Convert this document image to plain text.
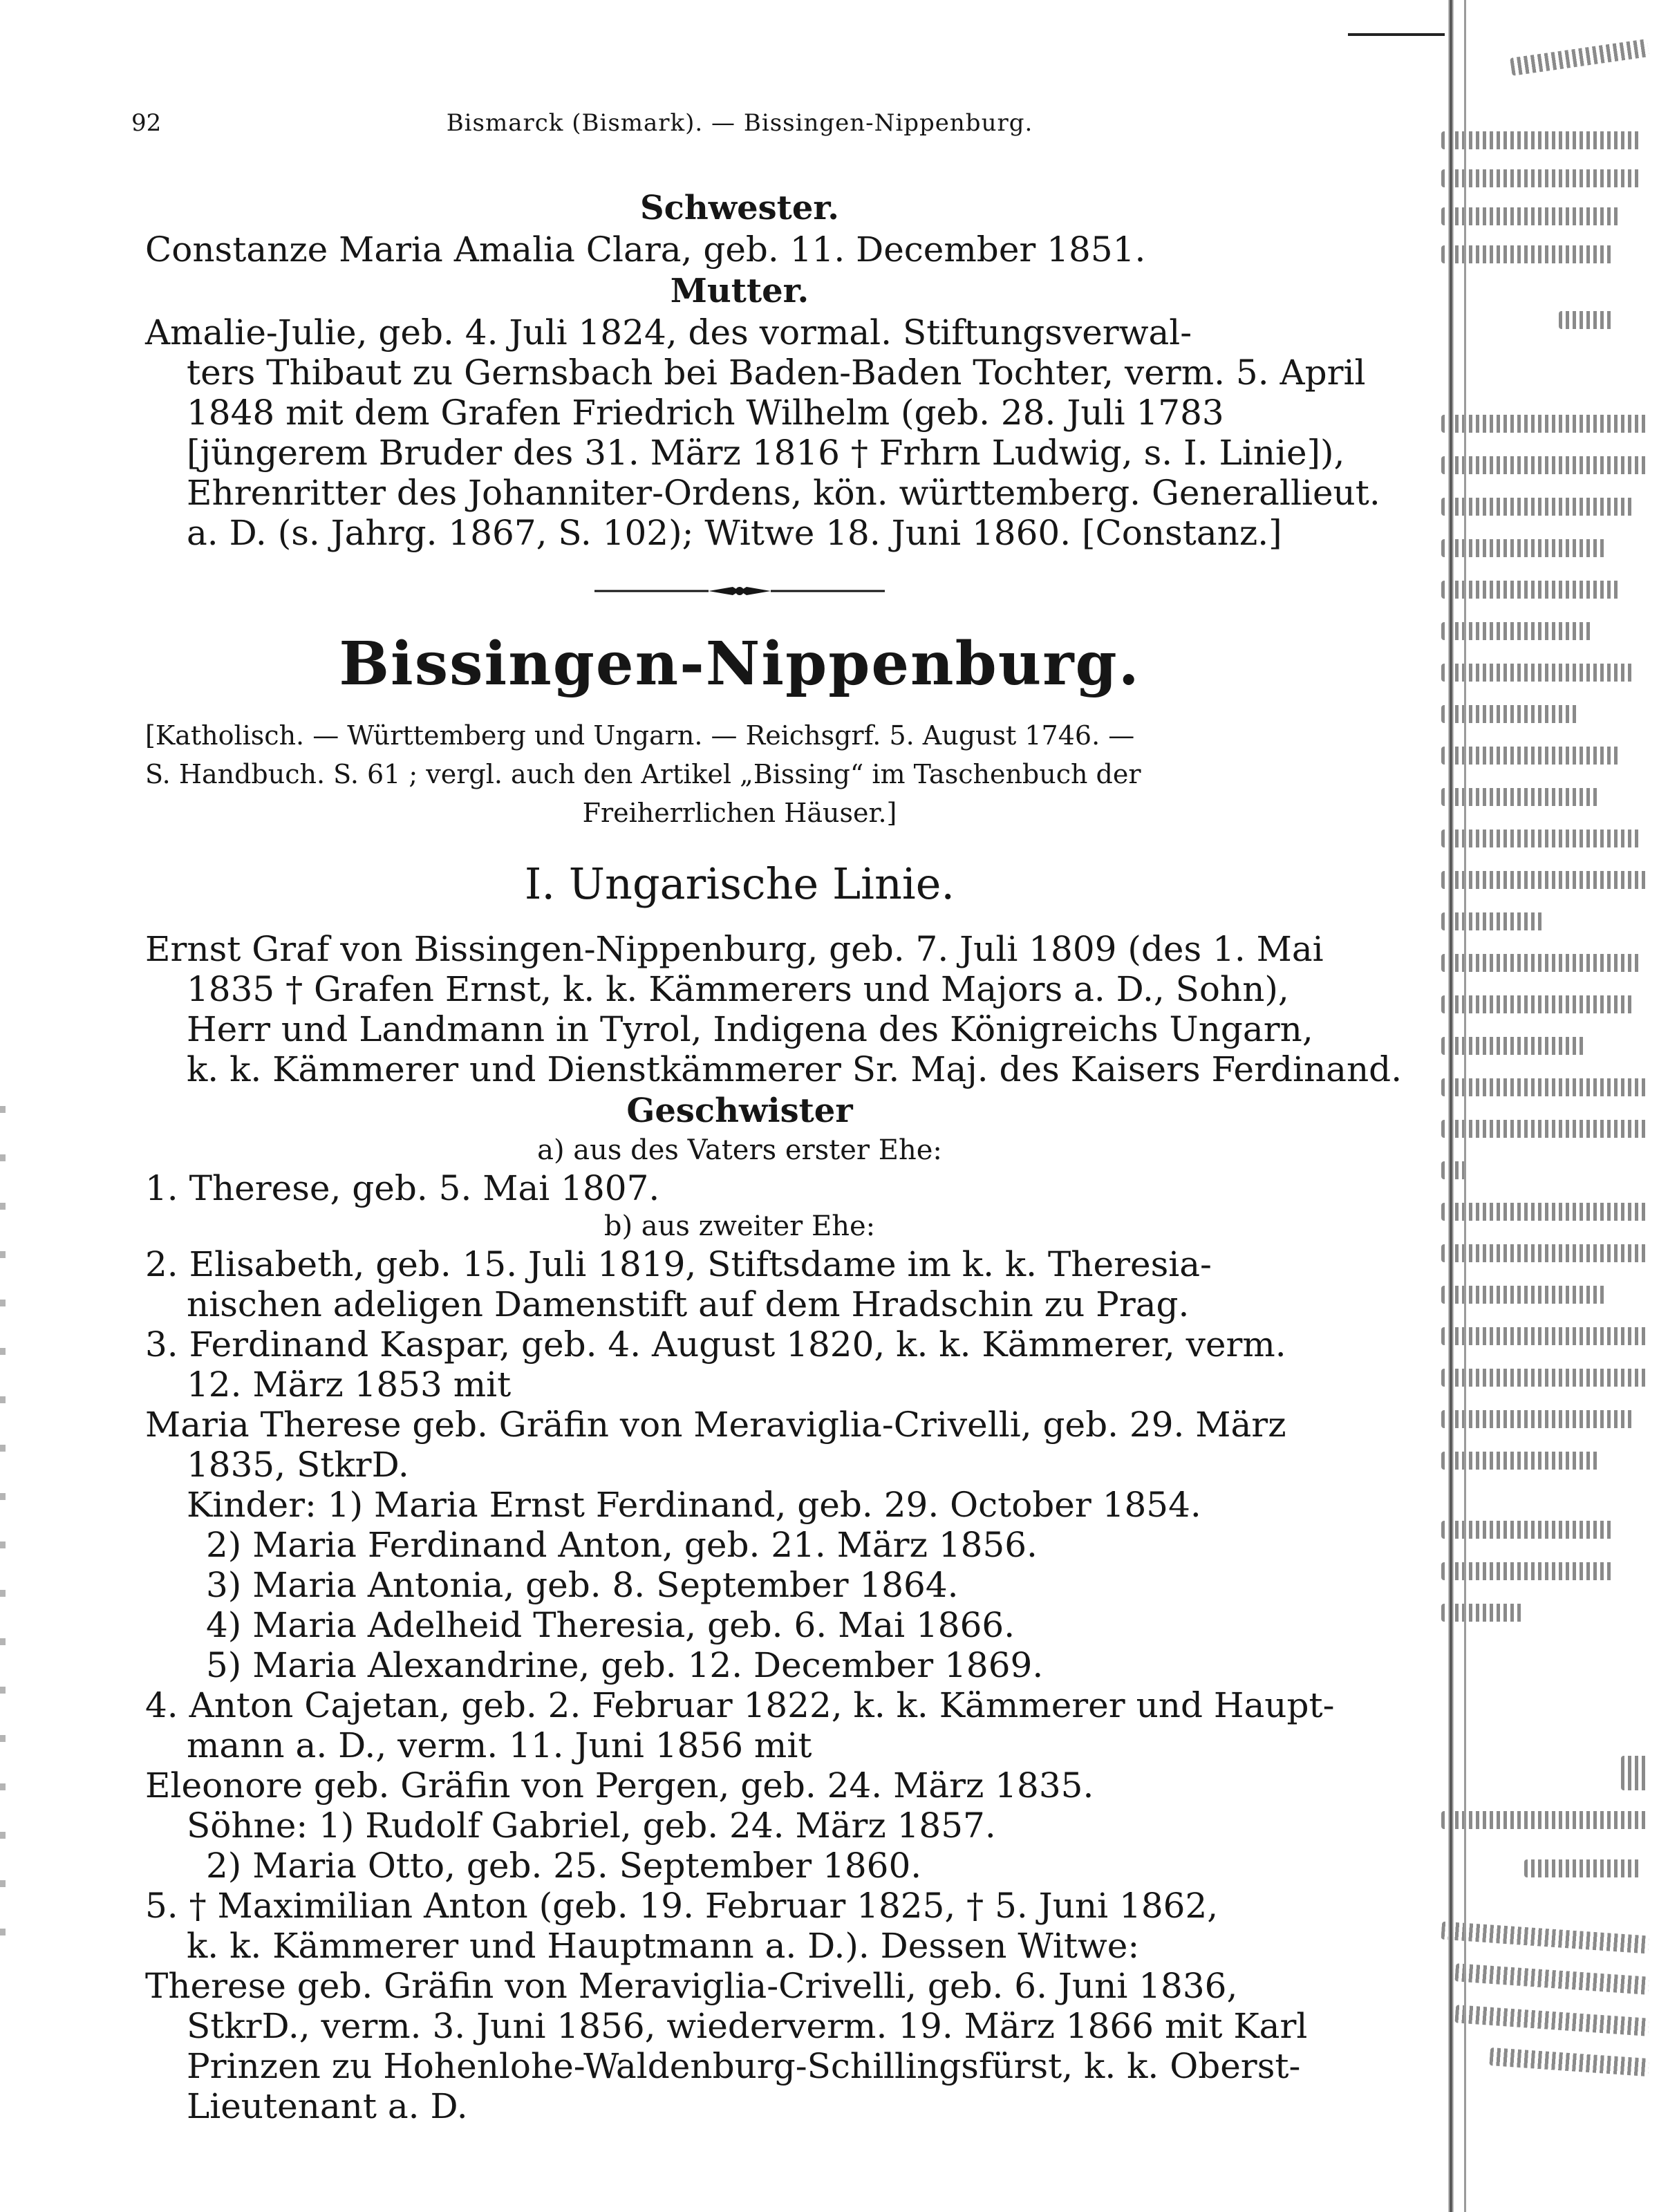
92	Bismarck (Bismark). — Bissingen-Nippenburg.
Schwester.
Constanze Maria Amalia Clara, geb. 11. December 1851.
Mutter.
Amalie-Julie, geb. 4. Juli 1824, des vormal. Stiftungsverwal-
ters Thibaut zu Gernsbach bei Baden-Baden Tochter, verm. 5. April
1848 mit dem Grafen Friedrich Wilhelm (geb. 28. Juli 1783
[jüngerem Bruder des 31. März 1816 † Frhrn Ludwig, s. I. Linie]),
Ehrenritter des Johanniter-Ordens, kön. württemberg. Generallieut.
a. D. (s. Jahrg. 1867, S. 102); Witwe 18. Juni 1860. [Constanz.]
Bissingen-Nippenburg.
[Katholisch. — Württemberg und Ungarn. — Reichsgrf. 5. August 1746. —
S. Handbuch. S. 61 ; vergl. auch den Artikel „Bissing“ im Taschenbuch der
Freiherrlichen Häuser.]
I. Ungarische Linie.
Ernst Graf von Bissingen-Nippenburg, geb. 7. Juli 1809 (des 1. Mai
1835 † Grafen Ernst, k. k. Kämmerers und Majors a. D., Sohn),
Herr und Landmann in Tyrol, Indigena des Königreichs Ungarn,
k. k. Kämmerer und Dienstkämmerer Sr. Maj. des Kaisers Ferdinand.
Geschwister
a) aus des Vaters erster Ehe:
1. Therese, geb. 5. Mai 1807.
b) aus zweiter Ehe:
2. Elisabeth, geb. 15. Juli 1819, Stiftsdame im k. k. Theresia-
nischen adeligen Damenstift auf dem Hradschin zu Prag.
3. Ferdinand Kaspar, geb. 4. August 1820, k. k. Kämmerer, verm.
12. März 1853 mit
Maria Therese geb. Gräfin von Meraviglia-Crivelli, geb. 29. März
1835, StkrD.
Kinder: 1) Maria Ernst Ferdinand, geb. 29. October 1854.
2) Maria Ferdinand Anton, geb. 21. März 1856.
3) Maria Antonia, geb. 8. September 1864.
4) Maria Adelheid Theresia, geb. 6. Mai 1866.
5) Maria Alexandrine, geb. 12. December 1869.
4. Anton Cajetan, geb. 2. Februar 1822, k. k. Kämmerer und Haupt-
mann a. D., verm. 11. Juni 1856 mit
Eleonore geb. Gräfin von Pergen, geb. 24. März 1835.
Söhne: 1) Rudolf Gabriel, geb. 24. März 1857.
2) Maria Otto, geb. 25. September 1860.
5. † Maximilian Anton (geb. 19. Februar 1825, † 5. Juni 1862,
k. k. Kämmerer und Hauptmann a. D.). Dessen Witwe:
Therese geb. Gräfin von Meraviglia-Crivelli, geb. 6. Juni 1836,
StkrD., verm. 3. Juni 1856, wiederverm. 19. März 1866 mit Karl
Prinzen zu Hohenlohe-Waldenburg-Schillingsfürst, k. k. Oberst-
Lieutenant a. D.
